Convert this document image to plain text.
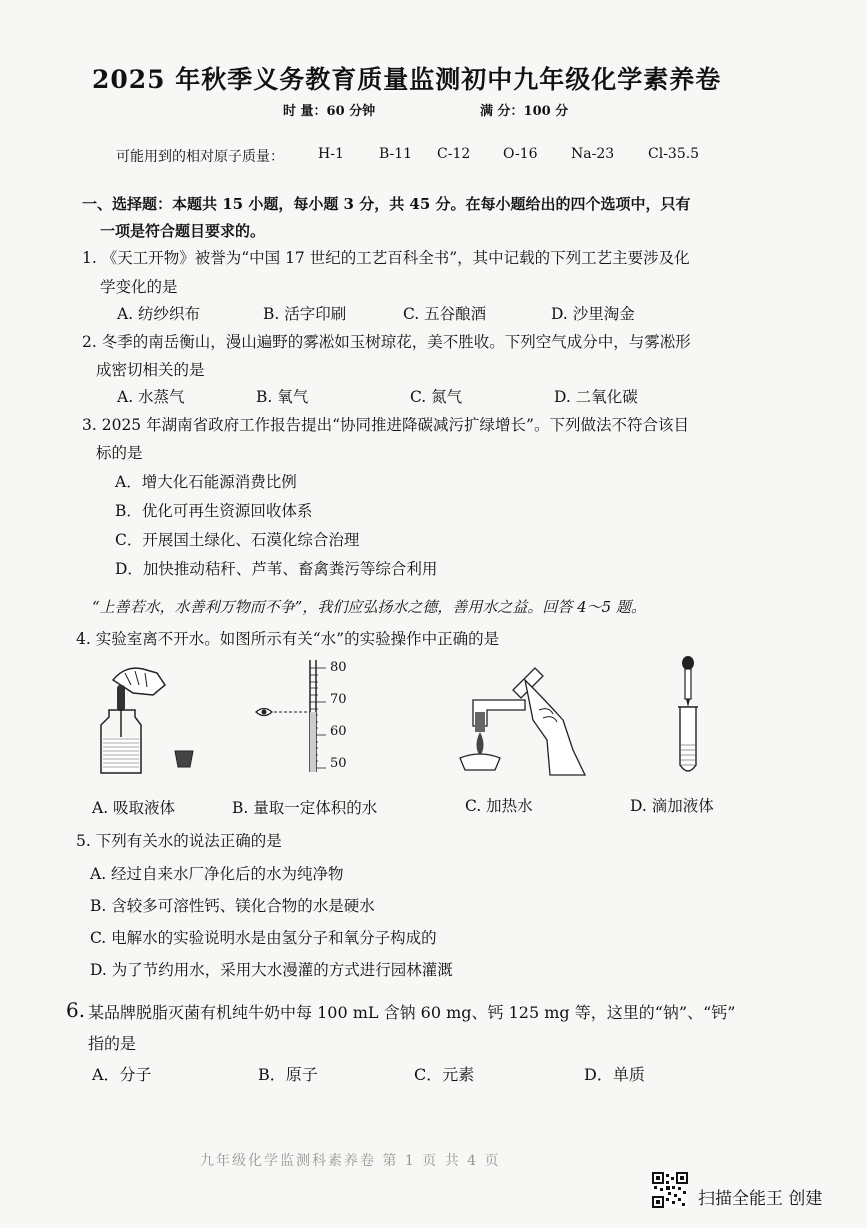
2025 年秋季义务教育质量监测初中九年级化学素养卷
时 量：60 分钟	满 分：100 分
可能用到的相对原子质量： H-1	B-11 C-12 O-16 Na-23 Cl-35.5
一、选择题：本题共 15 小题，每小题 3 分，共 45 分。在每小题给出的四个选项中，只有
一项是符合题目要求的。
1. 《天工开物》被誉为“中国 17 世纪的工艺百科全书”，其中记载的下列工艺主要涉及化
学变化的是
A. 纺纱织布	B. 活字印刷	C. 五谷酿酒	D. 沙里淘金
2. 冬季的南岳衡山，漫山遍野的雾凇如玉树琼花，美不胜收。下列空气成分中，与雾凇形
成密切相关的是
A. 水蒸气	B. 氧气	C. 氮气	D. 二氧化碳
3. 2025 年湖南省政府工作报告提出“协同推进降碳减污扩绿增长”。下列做法不符合该目
标的是
A．增大化石能源消费比例
B．优化可再生资源回收体系
C．开展国土绿化、石漠化综合治理
D．加快推动秸秆、芦苇、畜禽粪污等综合利用
“上善若水，水善利万物而不争”，我们应弘扬水之德，善用水之益。回答 4～5 题。
4. 实验室离不开水。如图所示有关“水”的实验操作中正确的是
80
70
60
50
A. 吸取液体	B. 量取一定体积的水	C. 加热水	D. 滴加液体
5. 下列有关水的说法正确的是
A. 经过自来水厂净化后的水为纯净物
B. 含较多可溶性钙、镁化合物的水是硬水
C. 电解水的实验说明水是由氢分子和氧分子构成的
D. 为了节约用水，采用大水漫灌的方式进行园林灌溉
6. 某品牌脱脂灭菌有机纯牛奶中每 100 mL 含钠 60 mg、钙 125 mg 等，这里的“钠”、“钙”
指的是
A．分子	B．原子	C．元素	D．单质
九年级化学监测科素养卷 第 1 页 共 4 页
扫描全能王 创建
